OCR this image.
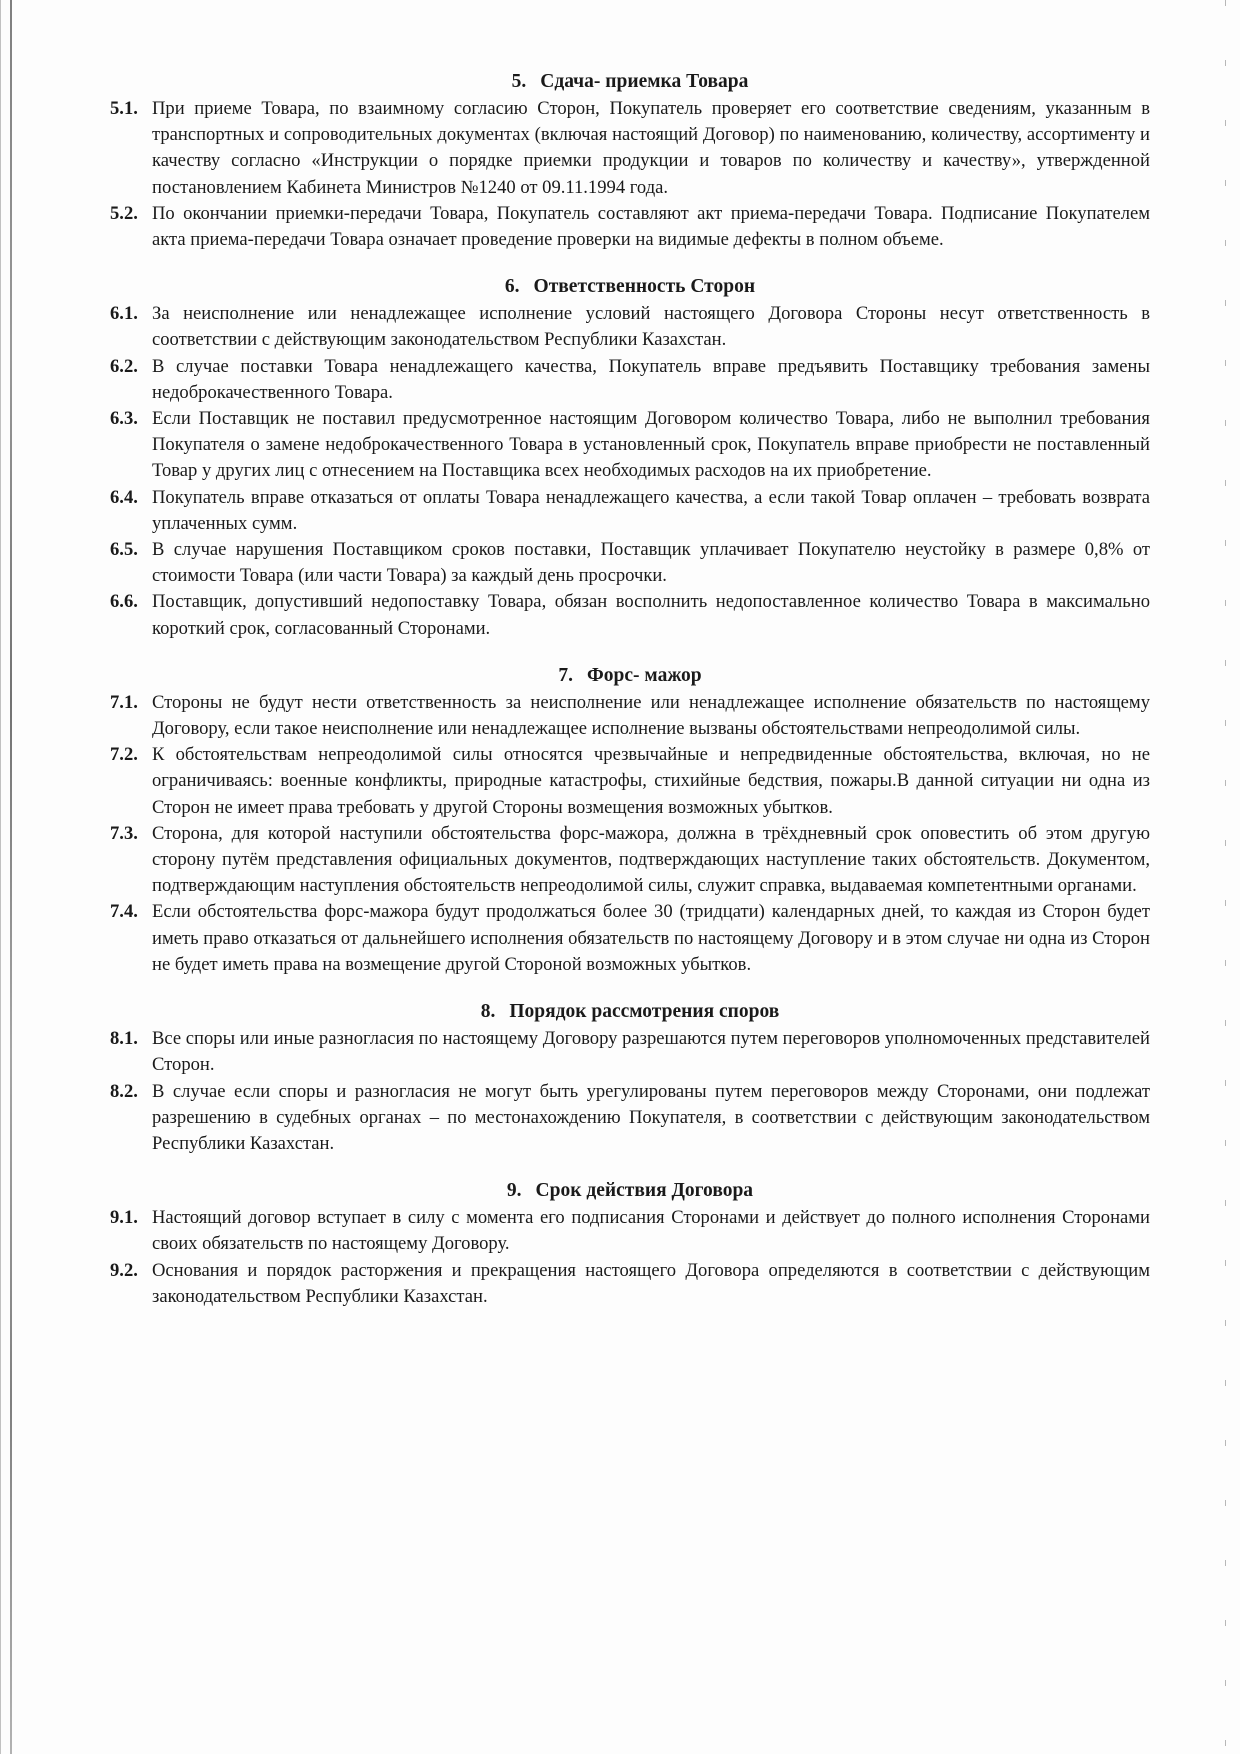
5. Сдача- приемка Товара
5.1. При приеме Товара, по взаимному согласию Сторон, Покупатель проверяет его соответствие сведениям, указанным в транспортных и сопроводительных документах (включая настоящий Договор) по наименованию, количеству, ассортименту и качеству согласно «Инструкции о порядке приемки продукции и товаров по количеству и качеству», утвержденной постановлением Кабинета Министров №1240 от 09.11.1994 года.
5.2. По окончании приемки-передачи Товара, Покупатель составляют акт приема-передачи Товара. Подписание Покупателем акта приема-передачи Товара означает проведение проверки на видимые дефекты в полном объеме.
6. Ответственность Сторон
6.1. За неисполнение или ненадлежащее исполнение условий настоящего Договора Стороны несут ответственность в соответствии с действующим законодательством Республики Казахстан.
6.2. В случае поставки Товара ненадлежащего качества, Покупатель вправе предъявить Поставщику требования замены недоброкачественного Товара.
6.3. Если Поставщик не поставил предусмотренное настоящим Договором количество Товара, либо не выполнил требования Покупателя о замене недоброкачественного Товара в установленный срок, Покупатель вправе приобрести не поставленный Товар у других лиц с отнесением на Поставщика всех необходимых расходов на их приобретение.
6.4. Покупатель вправе отказаться от оплаты Товара ненадлежащего качества, а если такой Товар оплачен – требовать возврата уплаченных сумм.
6.5. В случае нарушения Поставщиком сроков поставки, Поставщик уплачивает Покупателю неустойку в размере 0,8% от стоимости Товара (или части Товара) за каждый день просрочки.
6.6. Поставщик, допустивший недопоставку Товара, обязан восполнить недопоставленное количество Товара в максимально короткий срок, согласованный Сторонами.
7. Форс- мажор
7.1. Стороны не будут нести ответственность за неисполнение или ненадлежащее исполнение обязательств по настоящему Договору, если такое неисполнение или ненадлежащее исполнение вызваны обстоятельствами непреодолимой силы.
7.2. К обстоятельствам непреодолимой силы относятся чрезвычайные и непредвиденные обстоятельства, включая, но не ограничиваясь: военные конфликты, природные катастрофы, стихийные бедствия, пожары.В данной ситуации ни одна из Сторон не имеет права требовать у другой Стороны возмещения возможных убытков.
7.3. Сторона, для которой наступили обстоятельства форс-мажора, должна в трёхдневный срок оповестить об этом другую сторону путём представления официальных документов, подтверждающих наступление таких обстоятельств. Документом, подтверждающим наступления обстоятельств непреодолимой силы, служит справка, выдаваемая компетентными органами.
7.4. Если обстоятельства форс-мажора будут продолжаться более 30 (тридцати) календарных дней, то каждая из Сторон будет иметь право отказаться от дальнейшего исполнения обязательств по настоящему Договору и в этом случае ни одна из Сторон не будет иметь права на возмещение другой Стороной возможных убытков.
8. Порядок рассмотрения споров
8.1. Все споры или иные разногласия по настоящему Договору разрешаются путем переговоров уполномоченных представителей Сторон.
8.2. В случае если споры и разногласия не могут быть урегулированы путем переговоров между Сторонами, они подлежат разрешению в судебных органах – по местонахождению Покупателя, в соответствии с действующим законодательством Республики Казахстан.
9. Срок действия Договора
9.1. Настоящий договор вступает в силу с момента его подписания Сторонами и действует до полного исполнения Сторонами своих обязательств по настоящему Договору.
9.2. Основания и порядок расторжения и прекращения настоящего Договора определяются в соответствии с действующим законодательством Республики Казахстан.
